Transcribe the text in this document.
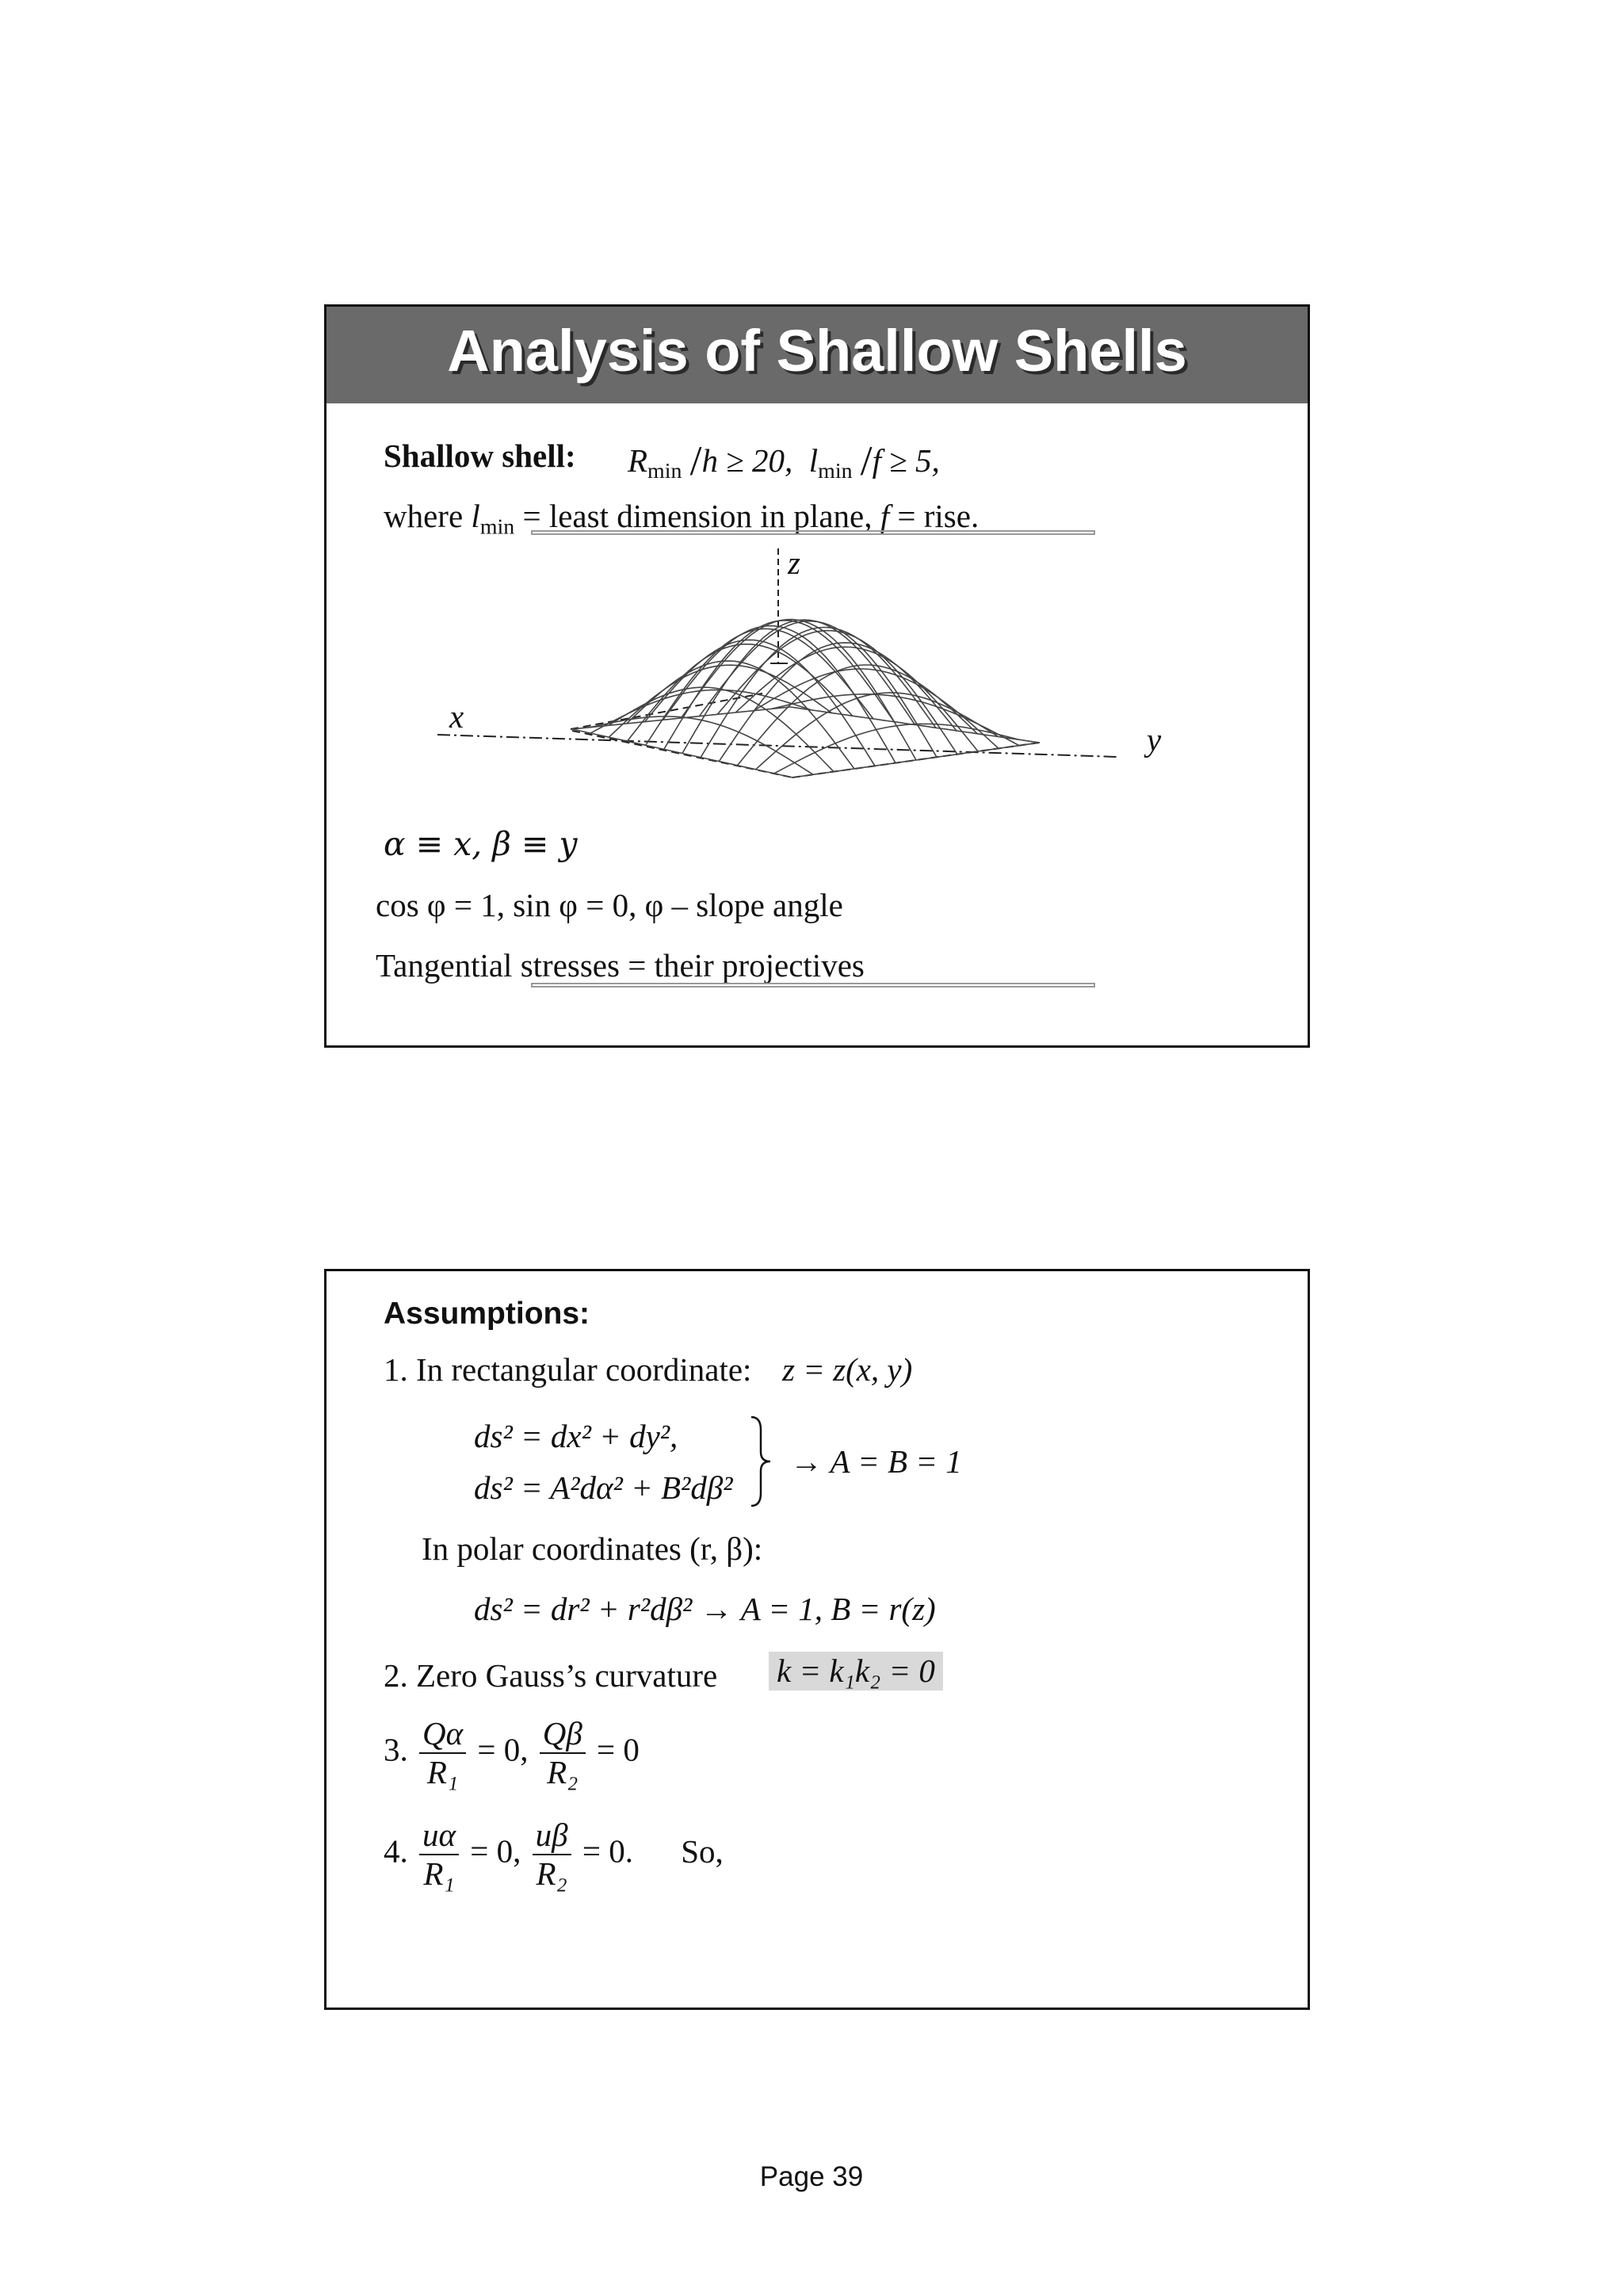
Analysis of Shallow Shells
Shallow shell: $R_{min}$ /h ≥ 20, $l_{min}$ /f ≥ 5,
where $l_{min}$ = least dimension in plane, f = rise.
x
y
z
α ≡ x, β ≡ y
cos φ = 1, sin φ = 0, φ – slope angle
Tangential stresses = their projectives
Assumptions:
1. In rectangular coordinate: z = z(x, y)
ds² = dx² + dy²,
ds² = A²dα² + B²dβ²
→ A = B = 1
In polar coordinates (r, β):
ds² = dr² + r²dβ² → A = 1, B = r(z)
2. Zero Gauss’s curvature k = k₁k₂ = 0
3. $\frac{Q\alpha}{\text{R₁}} = 0$, $\frac{Q\beta}{\text{R₂}} = 0$
4. $\frac{u\alpha}{\text{R₁}} = 0$, $\frac{u\beta}{\text{R₂}} = 0$. So,
Page 39
